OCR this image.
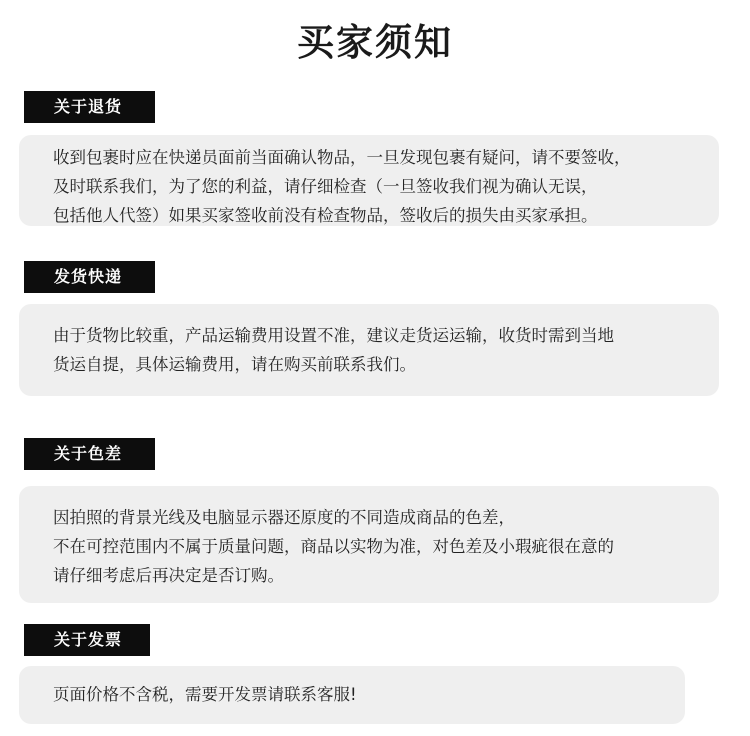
买家须知
关于退货
收到包裹时应在快递员面前当面确认物品，一旦发现包裹有疑问，请不要签收，
及时联系我们，为了您的利益，请仔细检查（一旦签收我们视为确认无误，
包括他人代签）如果买家签收前没有检查物品，签收后的损失由买家承担。
发货快递
由于货物比较重，产品运输费用设置不准，建议走货运运输，收货时需到当地
货运自提，具体运输费用，请在购买前联系我们。
关于色差
因拍照的背景光线及电脑显示器还原度的不同造成商品的色差，
不在可控范围内不属于质量问题，商品以实物为准，对色差及小瑕疵很在意的
请仔细考虑后再决定是否订购。
关于发票
页面价格不含税，需要开发票请联系客服!
